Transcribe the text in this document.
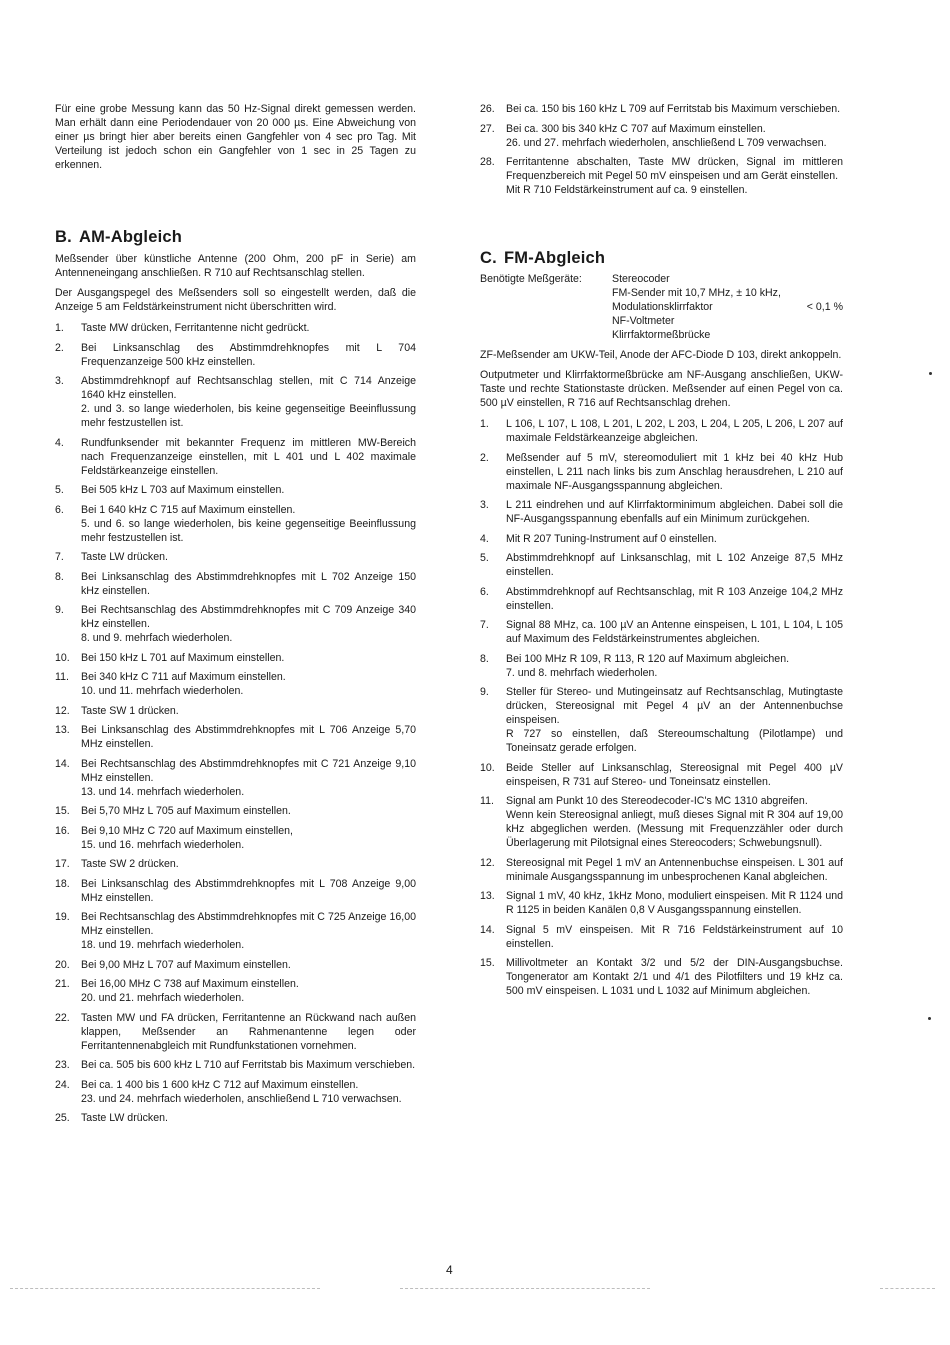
Für eine grobe Messung kann das 50 Hz-Signal direkt gemessen werden. Man erhält dann eine Periodendauer von 20 000 µs. Eine Abweichung von einer µs bringt hier aber bereits einen Gangfehler von 4 sec pro Tag. Mit Verteilung ist jedoch schon ein Gangfehler von 1 sec in 25 Tagen zu erkennen.

B. AM-Abgleich

Meßsender über künstliche Antenne (200 Ohm, 200 pF in Serie) am Antenneneingang anschließen. R 710 auf Rechtsanschlag stellen.

Der Ausgangspegel des Meßsenders soll so eingestellt werden, daß die Anzeige 5 am Feldstärkeinstrument nicht überschritten wird.

1.	Taste MW drücken, Ferritantenne nicht gedrückt.
2.	Bei Linksanschlag des Abstimmdrehknopfes mit L 704 Frequenzanzeige 500 kHz einstellen.
3.	Abstimmdrehknopf auf Rechtsanschlag stellen, mit C 714 Anzeige 1640 kHz einstellen.
2. und 3. so lange wiederholen, bis keine gegenseitige Beeinflussung mehr festzustellen ist.
4.	Rundfunksender mit bekannter Frequenz im mittleren MW-Bereich nach Frequenzanzeige einstellen, mit L 401 und L 402 maximale Feldstärkeanzeige einstellen.
5.	Bei 505 kHz L 703 auf Maximum einstellen.
6.	Bei 1 640 kHz C 715 auf Maximum einstellen.
5. und 6. so lange wiederholen, bis keine gegenseitige Beeinflussung mehr festzustellen ist.
7.	Taste LW drücken.
8.	Bei Linksanschlag des Abstimmdrehknopfes mit L 702 Anzeige 150 kHz einstellen.
9.	Bei Rechtsanschlag des Abstimmdrehknopfes mit C 709 Anzeige 340 kHz einstellen.
8. und 9. mehrfach wiederholen.
10.	Bei 150 kHz L 701 auf Maximum einstellen.
11.	Bei 340 kHz C 711 auf Maximum einstellen.
10. und 11. mehrfach wiederholen.
12.	Taste SW 1 drücken.
13.	Bei Linksanschlag des Abstimmdrehknopfes mit L 706 Anzeige 5,70 MHz einstellen.
14.	Bei Rechtsanschlag des Abstimmdrehknopfes mit C 721 Anzeige 9,10 MHz einstellen.
13. und 14. mehrfach wiederholen.
15.	Bei 5,70 MHz L 705 auf Maximum einstellen.
16.	Bei 9,10 MHz C 720 auf Maximum einstellen,
15. und 16. mehrfach wiederholen.
17.	Taste SW 2 drücken.
18.	Bei Linksanschlag des Abstimmdrehknopfes mit L 708 Anzeige 9,00 MHz einstellen.
19.	Bei Rechtsanschlag des Abstimmdrehknopfes mit C 725 Anzeige 16,00 MHz einstellen.
18. und 19. mehrfach wiederholen.
20.	Bei 9,00 MHz L 707 auf Maximum einstellen.
21.	Bei 16,00 MHz C 738 auf Maximum einstellen.
20. und 21. mehrfach wiederholen.
22.	Tasten MW und FA drücken, Ferritantenne an Rückwand nach außen klappen, Meßsender an Rahmenantenne legen oder Ferritantennenabgleich mit Rundfunkstationen vornehmen.
23.	Bei ca. 505 bis 600 kHz L 710 auf Ferritstab bis Maximum verschieben.
24.	Bei ca. 1 400 bis 1 600 kHz C 712 auf Maximum einstellen.
23. und 24. mehrfach wiederholen, anschließend L 710 verwachsen.
25.	Taste LW drücken.
26.	Bei ca. 150 bis 160 kHz L 709 auf Ferritstab bis Maximum verschieben.
27.	Bei ca. 300 bis 340 kHz C 707 auf Maximum einstellen.
26. und 27. mehrfach wiederholen, anschließend L 709 verwachsen.
28.	Ferritantenne abschalten, Taste MW drücken, Signal im mittleren Frequenzbereich mit Pegel 50 mV einspeisen und am Gerät einstellen.
Mit R 710 Feldstärkeinstrument auf ca. 9 einstellen.
C. FM-Abgleich
Benötigte Meßgeräte:	Stereocoder
FM-Sender mit 10,7 MHz, ± 10 kHz,
Modulationsklirrfaktor	< 0,1 %
NF-Voltmeter
Klirrfaktormeßbrücke

ZF-Meßsender am UKW-Teil, Anode der AFC-Diode D 103, direkt ankoppeln.

Outputmeter und Klirrfaktormeßbrücke am NF-Ausgang anschließen, UKW-Taste und rechte Stationstaste drücken. Meßsender auf einen Pegel von ca. 500 µV einstellen, R 716 auf Rechtsanschlag drehen.

1.	L 106, L 107, L 108, L 201, L 202, L 203, L 204, L 205, L 206, L 207 auf maximale Feldstärkeanzeige abgleichen.
2.	Meßsender auf 5 mV, stereomoduliert mit 1 kHz bei 40 kHz Hub einstellen, L 211 nach links bis zum Anschlag herausdrehen, L 210 auf maximale NF-Ausgangsspannung abgleichen.
3.	L 211 eindrehen und auf Klirrfaktorminimum abgleichen. Dabei soll die NF-Ausgangsspannung ebenfalls auf ein Minimum zurückgehen.
4.	Mit R 207 Tuning-Instrument auf 0 einstellen.
5.	Abstimmdrehknopf auf Linksanschlag, mit L 102 Anzeige 87,5 MHz einstellen.
6.	Abstimmdrehknopf auf Rechtsanschlag, mit R 103 Anzeige 104,2 MHz einstellen.
7.	Signal 88 MHz, ca. 100 µV an Antenne einspeisen, L 101, L 104, L 105 auf Maximum des Feldstärkeinstrumentes abgleichen.
8.	Bei 100 MHz R 109, R 113, R 120 auf Maximum abgleichen.
7. und 8. mehrfach wiederholen.
9.	Steller für Stereo- und Mutingeinsatz auf Rechtsanschlag, Mutingtaste drücken, Stereosignal mit Pegel 4 µV an der Antennenbuchse einspeisen.
R 727 so einstellen, daß Stereoumschaltung (Pilotlampe) und Toneinsatz gerade erfolgen.
10.	Beide Steller auf Linksanschlag, Stereosignal mit Pegel 400 µV einspeisen, R 731 auf Stereo- und Toneinsatz einstellen.
11.	Signal am Punkt 10 des Stereodecoder-IC's MC 1310 abgreifen.
Wenn kein Stereosignal anliegt, muß dieses Signal mit R 304 auf 19,00 kHz abgeglichen werden. (Messung mit Frequenzzähler oder durch Überlagerung mit Pilotsignal eines Stereocoders; Schwebungsnull).
12.	Stereosignal mit Pegel 1 mV an Antennenbuchse einspeisen. L 301 auf minimale Ausgangsspannung im unbesprochenen Kanal abgleichen.
13.	Signal 1 mV, 40 kHz, 1kHz Mono, moduliert einspeisen. Mit R 1124 und R 1125 in beiden Kanälen 0,8 V Ausgangsspannung einstellen.
14.	Signal 5 mV einspeisen. Mit R 716 Feldstärkeinstrument auf 10 einstellen.
15.	Millivoltmeter an Kontakt 3/2 und 5/2 der DIN-Ausgangsbuchse. Tongenerator am Kontakt 2/1 und 4/1 des Pilotfilters und 19 kHz ca. 500 mV einspeisen. L 1031 und L 1032 auf Minimum abgleichen.
4
